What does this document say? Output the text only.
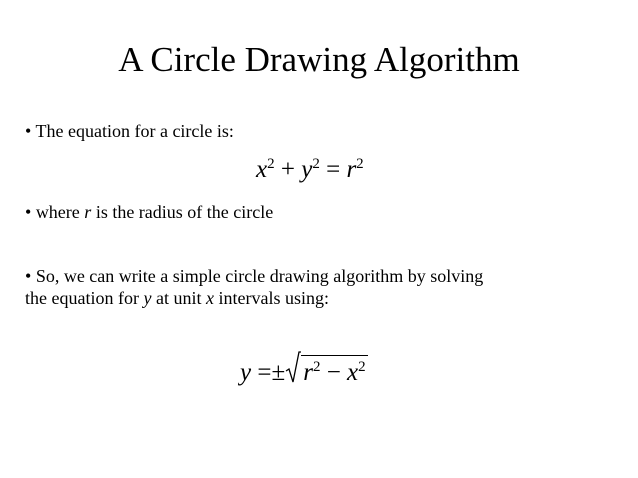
A Circle Drawing Algorithm
• The equation for a circle is:
$x^2 + y^2 = r^2$
• where r is the radius of the circle
• So, we can write a simple circle drawing algorithm by solving
the equation for y at unit x intervals using:
$y =\pm r^2 - x^2$
